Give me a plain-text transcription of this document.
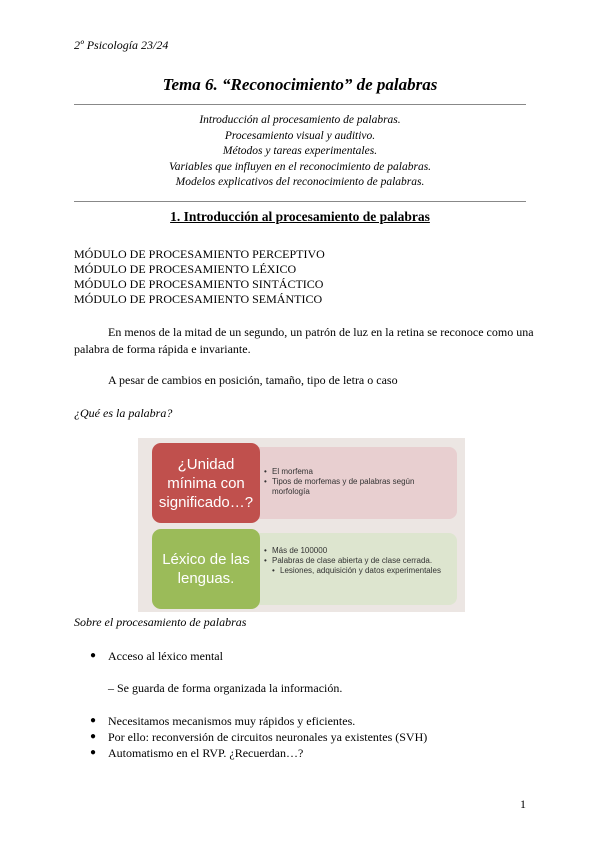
2º Psicología 23/24
Tema 6. “Reconocimiento” de palabras
Introducción al procesamiento de palabras.
Procesamiento visual y auditivo.
Métodos y tareas experimentales.
Variables que influyen en el reconocimiento de palabras.
Modelos explicativos del reconocimiento de palabras.
1. Introducción al procesamiento de palabras
MÓDULO DE PROCESAMIENTO PERCEPTIVO
MÓDULO DE PROCESAMIENTO LÉXICO
MÓDULO DE PROCESAMIENTO SINTÁCTICO
MÓDULO DE PROCESAMIENTO SEMÁNTICO
En menos de la mitad de un segundo, un patrón de luz en la retina se reconoce como una palabra de forma rápida e invariante.
A pesar de cambios en posición, tamaño, tipo de letra o caso
¿Qué es la palabra?
¿Unidad mínima con significado…?
Léxico de las lenguas.
• El morfema
• Tipos de morfemas y de palabras según morfología
• Más de 100000
• Palabras de clase abierta y de clase cerrada.
• Lesiones, adquisición y datos experimentales
Sobre el procesamiento de palabras
● Acceso al léxico mental
– Se guarda de forma organizada la información.
● Necesitamos mecanismos muy rápidos y eficientes.
● Por ello: reconversión de circuitos neuronales ya existentes (SVH)
● Automatismo en el RVP. ¿Recuerdan…?
1
